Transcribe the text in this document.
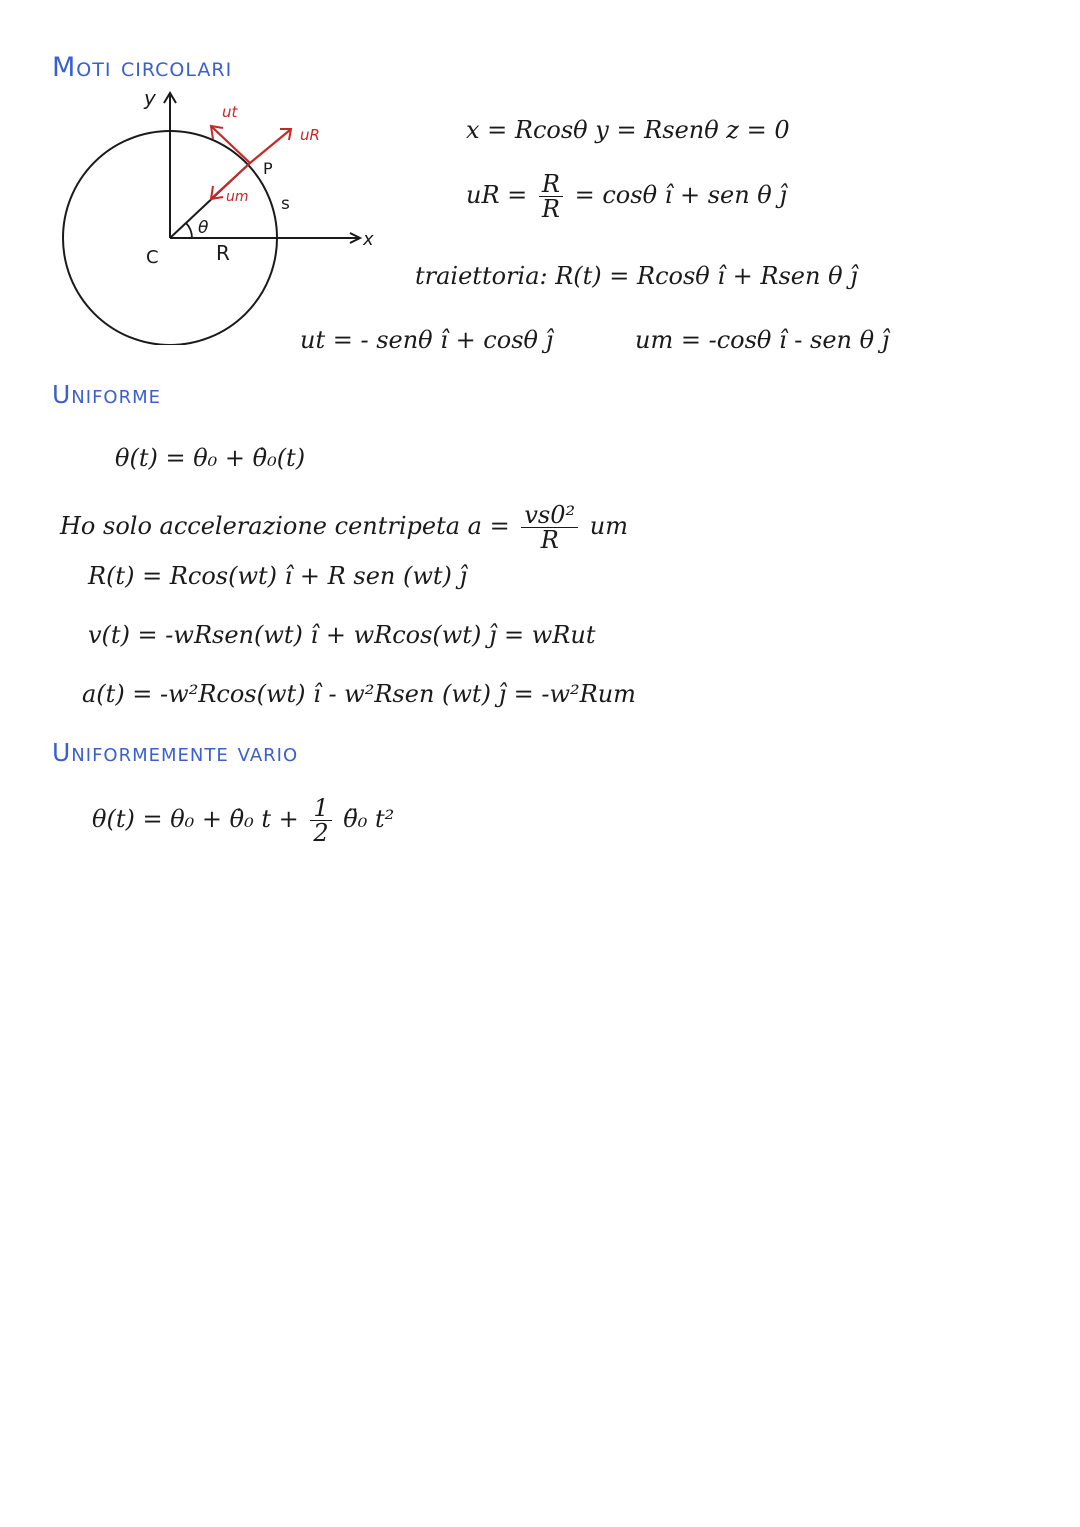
Moti circolari
y
x
C	R
θ
P
s
ut
uR
um
x = Rcosθ y = Rsenθ z = 0
uR = $\frac{R}{R} = \cos\theta$ î + sen θ ĵ
traiettoria: R(t) = Rcosθ î + Rsen θ ĵ
ut = - senθ î + cosθ ĵ	um = -cosθ î - sen θ ĵ
Uniforme
θ(t) = θ₀ + θ̇₀(t)
Ho solo accelerazione centripeta $a = \frac{\text{vs0²}}{R}$ um
R(t) = Rcos(wt) î + R sen (wt) ĵ
v(t) = -wRsen(wt) î + wRcos(wt) ĵ = wRut
a(t) = -w²Rcos(wt) î - w²Rsen (wt) ĵ = -w²Rum
Uniformemente vario
θ(t) = θ₀ + θ̇₀ $t + \frac{1}{2}$ θ̈₀ t²
